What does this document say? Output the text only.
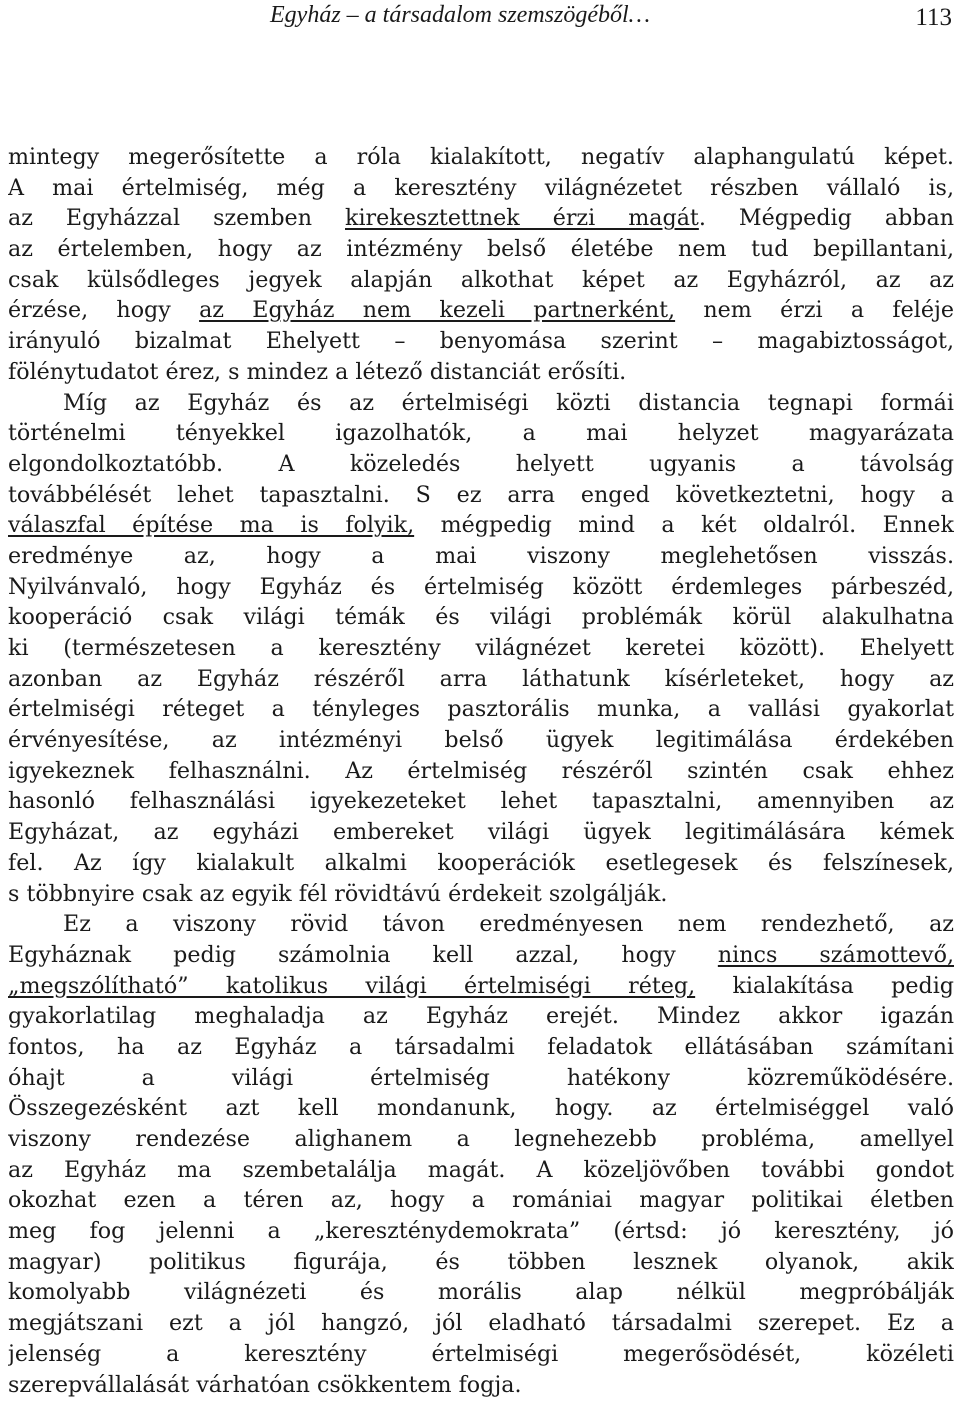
Egyház – a társadalom szemszögéből…	113
mintegy megerősítette a róla kialakított, negatív alaphangulatú képet.
A mai értelmiség, még a keresztény világnézetet részben vállaló is,
az Egyházzal szemben kirekesztettnek érzi magát. Mégpedig abban
az értelemben, hogy az intézmény belső életébe nem tud bepillantani,
csak külsődleges jegyek alapján alkothat képet az Egyházról, az az
érzése, hogy az Egyház nem kezeli partnerként, nem érzi a feléje
irányuló bizalmat Ehelyett – benyomása szerint – magabiztosságot,
fölénytudatot érez, s mindez a létező distanciát erősíti.
Míg az Egyház és az értelmiségi közti distancia tegnapi formái
történelmi tényekkel igazolhatók, a mai helyzet magyarázata
elgondolkoztatóbb. A közeledés helyett ugyanis a távolság
továbbélését lehet tapasztalni. S ez arra enged következtetni, hogy a
válaszfal építése ma is folyik, mégpedig mind a két oldalról. Ennek
eredménye az, hogy a mai viszony meglehetősen visszás.
Nyilvánvaló, hogy Egyház és értelmiség között érdemleges párbeszéd,
kooperáció csak világi témák és világi problémák körül alakulhatna
ki (természetesen a keresztény világnézet keretei között). Ehelyett
azonban az Egyház részéről arra láthatunk kísérleteket, hogy az
értelmiségi réteget a tényleges pasztorális munka, a vallási gyakorlat
érvényesítése, az intézményi belső ügyek legitimálása érdekében
igyekeznek felhasználni. Az értelmiség részéről szintén csak ehhez
hasonló felhasználási igyekezeteket lehet tapasztalni, amennyiben az
Egyházat, az egyházi embereket világi ügyek legitimálására kémek
fel. Az így kialakult alkalmi kooperációk esetlegesek és felszínesek,
s többnyire csak az egyik fél rövidtávú érdekeit szolgálják.
Ez a viszony rövid távon eredményesen nem rendezhető, az
Egyháznak pedig számolnia kell azzal, hogy nincs számottevő,
„megszólítható” katolikus világi értelmiségi réteg, kialakítása pedig
gyakorlatilag meghaladja az Egyház erejét. Mindez akkor igazán
fontos, ha az Egyház a társadalmi feladatok ellátásában számítani
óhajt a világi értelmiség hatékony közreműködésére.
Összegezésként azt kell mondanunk, hogy. az értelmiséggel való
viszony rendezése alighanem a legnehezebb probléma, amellyel
az Egyház ma szembetalálja magát. A közeljövőben további gondot
okozhat ezen a téren az, hogy a romániai magyar politikai életben
meg fog jelenni a „kereszténydemokrata” (értsd: jó keresztény, jó
magyar) politikus figurája, és többen lesznek olyanok, akik
komolyabb világnézeti és morális alap nélkül megpróbálják
megjátszani ezt a jól hangzó, jól eladható társadalmi szerepet. Ez a
jelenség a keresztény értelmiségi megerősödését, közéleti
szerepvállalását várhatóan csökkentem fogja.
